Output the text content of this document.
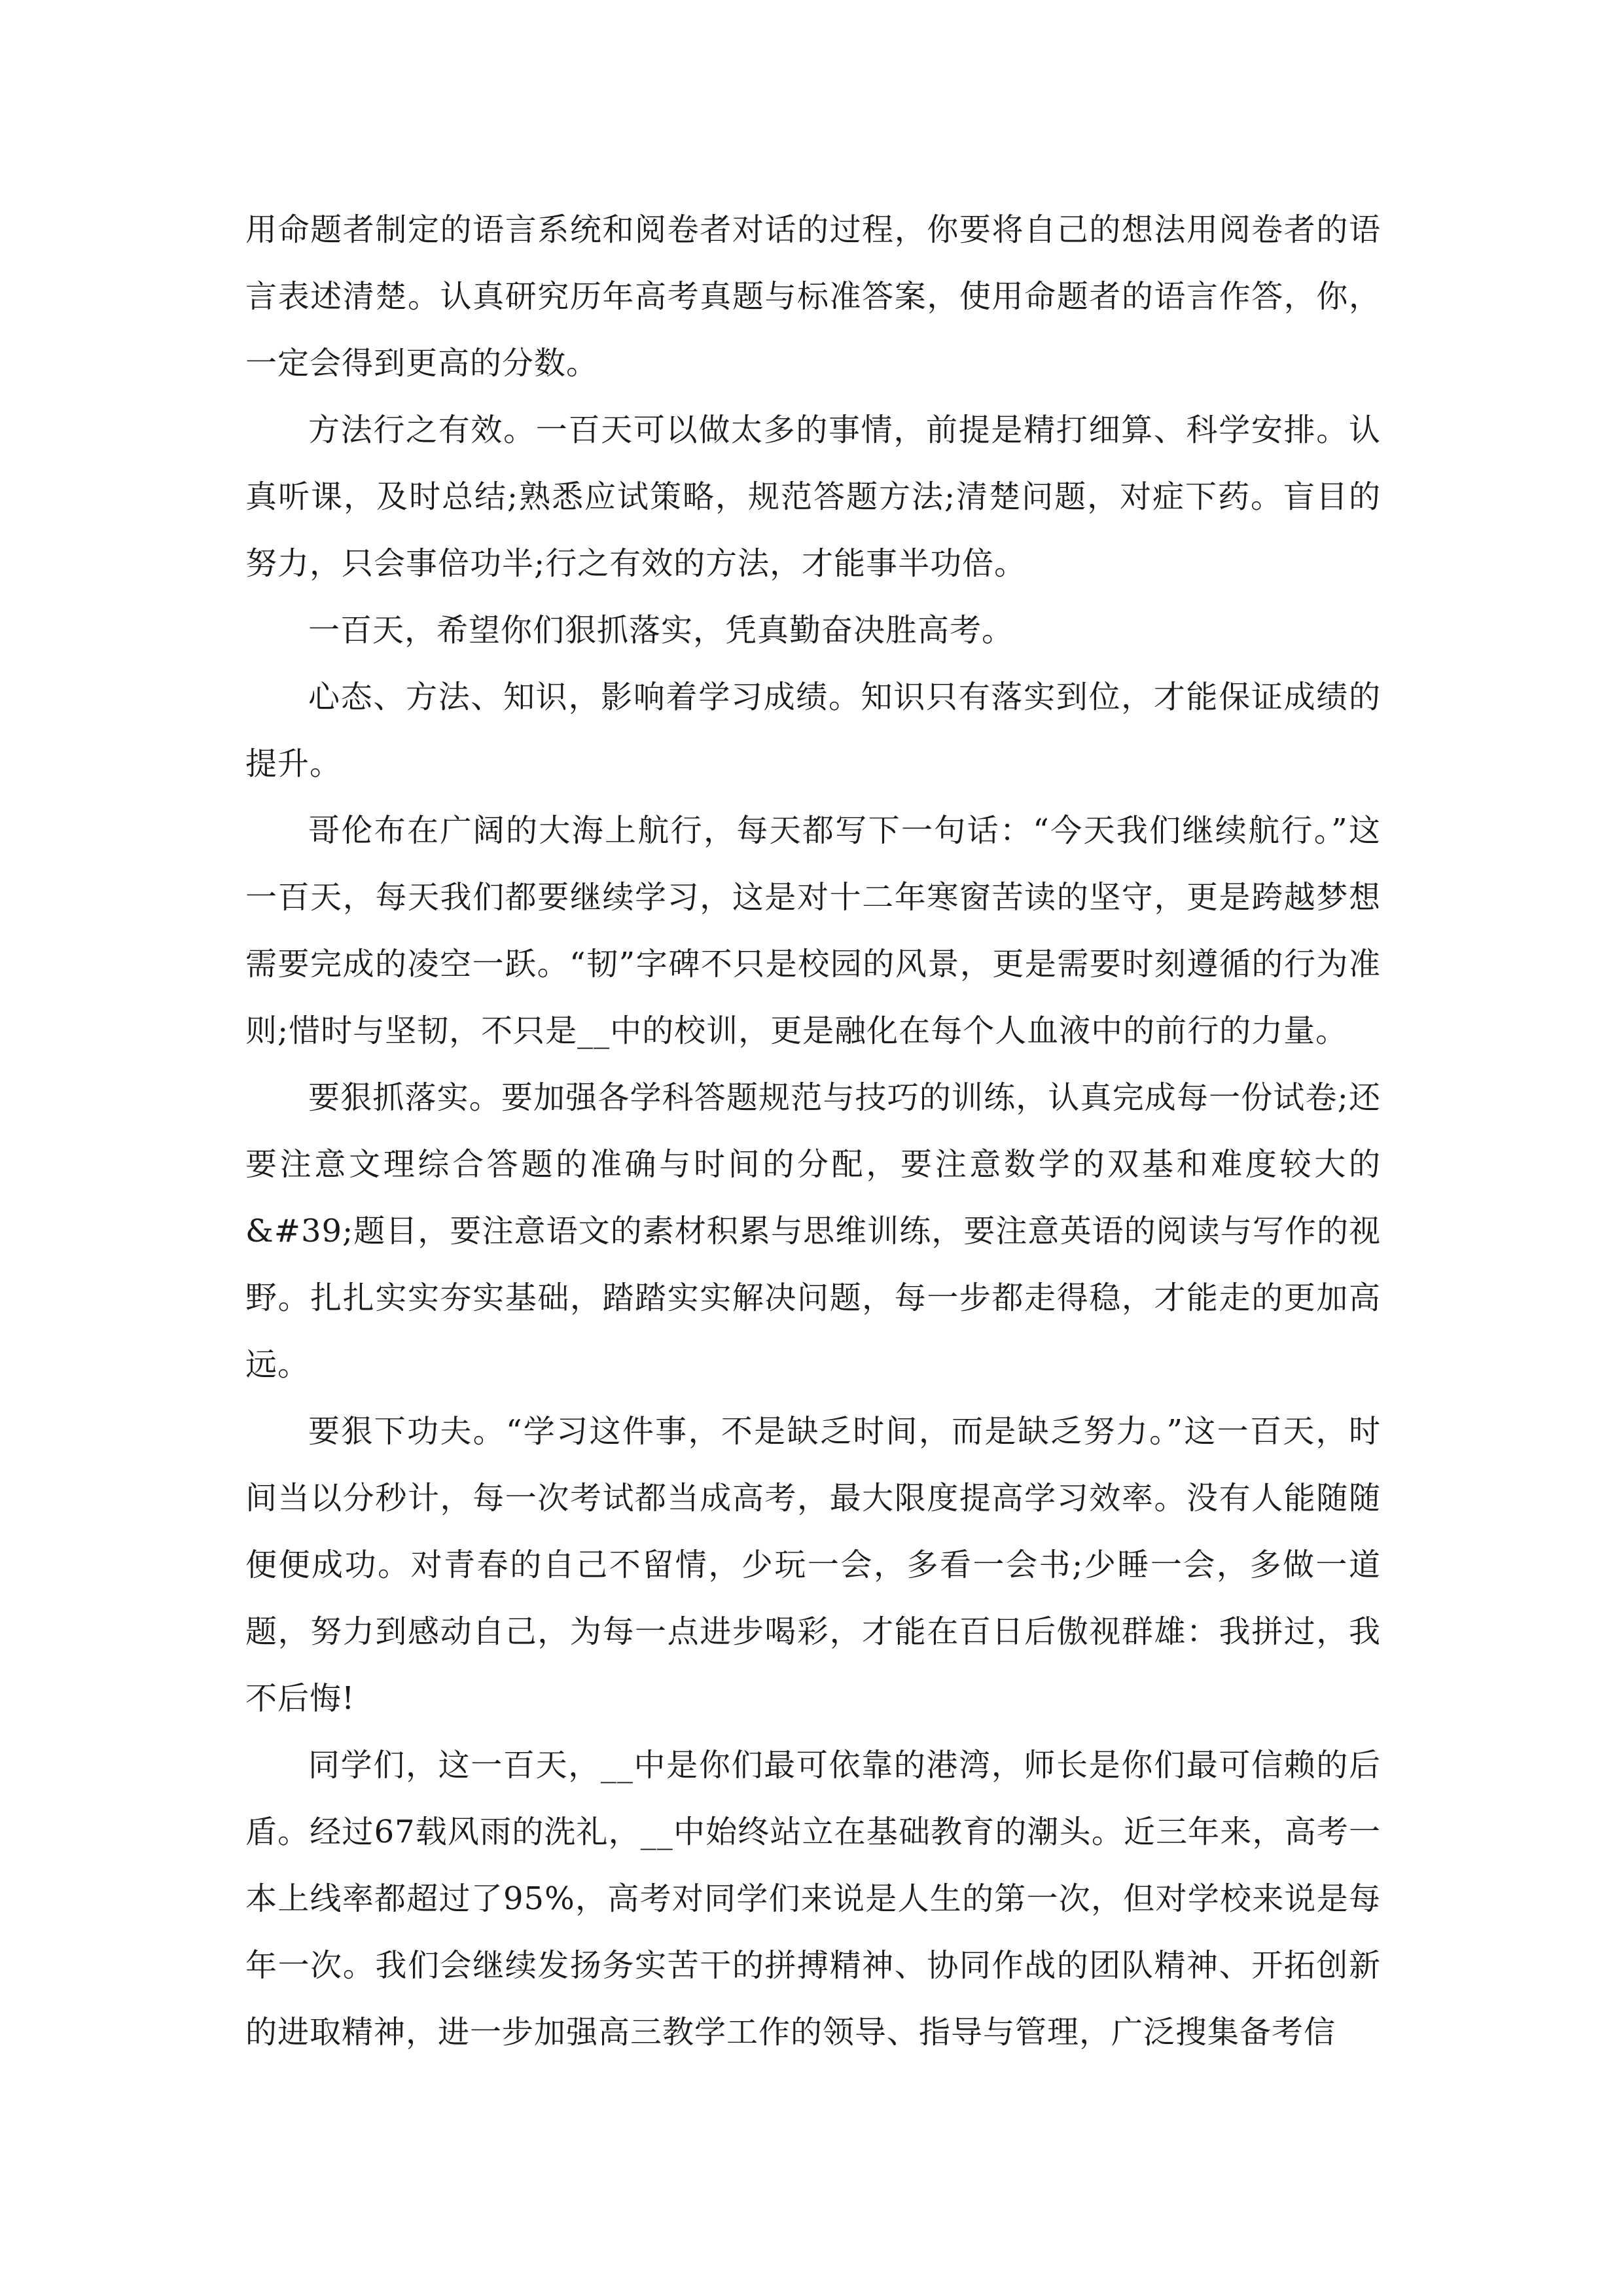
用命题者制定的语言系统和阅卷者对话的过程，你要将自己的想法用阅卷者的语言表述清楚。认真研究历年高考真题与标准答案，使用命题者的语言作答，你，一定会得到更高的分数。

方法行之有效。一百天可以做太多的事情，前提是精打细算、科学安排。认真听课，及时总结;熟悉应试策略，规范答题方法;清楚问题，对症下药。盲目的努力，只会事倍功半;行之有效的方法，才能事半功倍。

一百天，希望你们狠抓落实，凭真勤奋决胜高考。

心态、方法、知识，影响着学习成绩。知识只有落实到位，才能保证成绩的提升。

哥伦布在广阔的大海上航行，每天都写下一句话：“今天我们继续航行。”这一百天，每天我们都要继续学习，这是对十二年寒窗苦读的坚守，更是跨越梦想需要完成的凌空一跃。“韧”字碑不只是校园的风景，更是需要时刻遵循的行为准则;惜时与坚韧，不只是__中的校训，更是融化在每个人血液中的前行的力量。

要狠抓落实。要加强各学科答题规范与技巧的训练，认真完成每一份试卷;还要注意文理综合答题的准确与时间的分配，要注意数学的双基和难度较大的&#39;题目，要注意语文的素材积累与思维训练，要注意英语的阅读与写作的视野。扎扎实实夯实基础，踏踏实实解决问题，每一步都走得稳，才能走的更加高远。

要狠下功夫。“学习这件事，不是缺乏时间，而是缺乏努力。”这一百天，时间当以分秒计，每一次考试都当成高考，最大限度提高学习效率。没有人能随随便便成功。对青春的自己不留情，少玩一会，多看一会书;少睡一会，多做一道题，努力到感动自己，为每一点进步喝彩，才能在百日后傲视群雄：我拼过，我不后悔!

同学们，这一百天，__中是你们最可依靠的港湾，师长是你们最可信赖的后盾。经过67载风雨的洗礼，__中始终站立在基础教育的潮头。近三年来，高考一本上线率都超过了95%，高考对同学们来说是人生的第一次，但对学校来说是每年一次。我们会继续发扬务实苦干的拼搏精神、协同作战的团队精神、开拓创新的进取精神，进一步加强高三教学工作的领导、指导与管理，广泛搜集备考信
